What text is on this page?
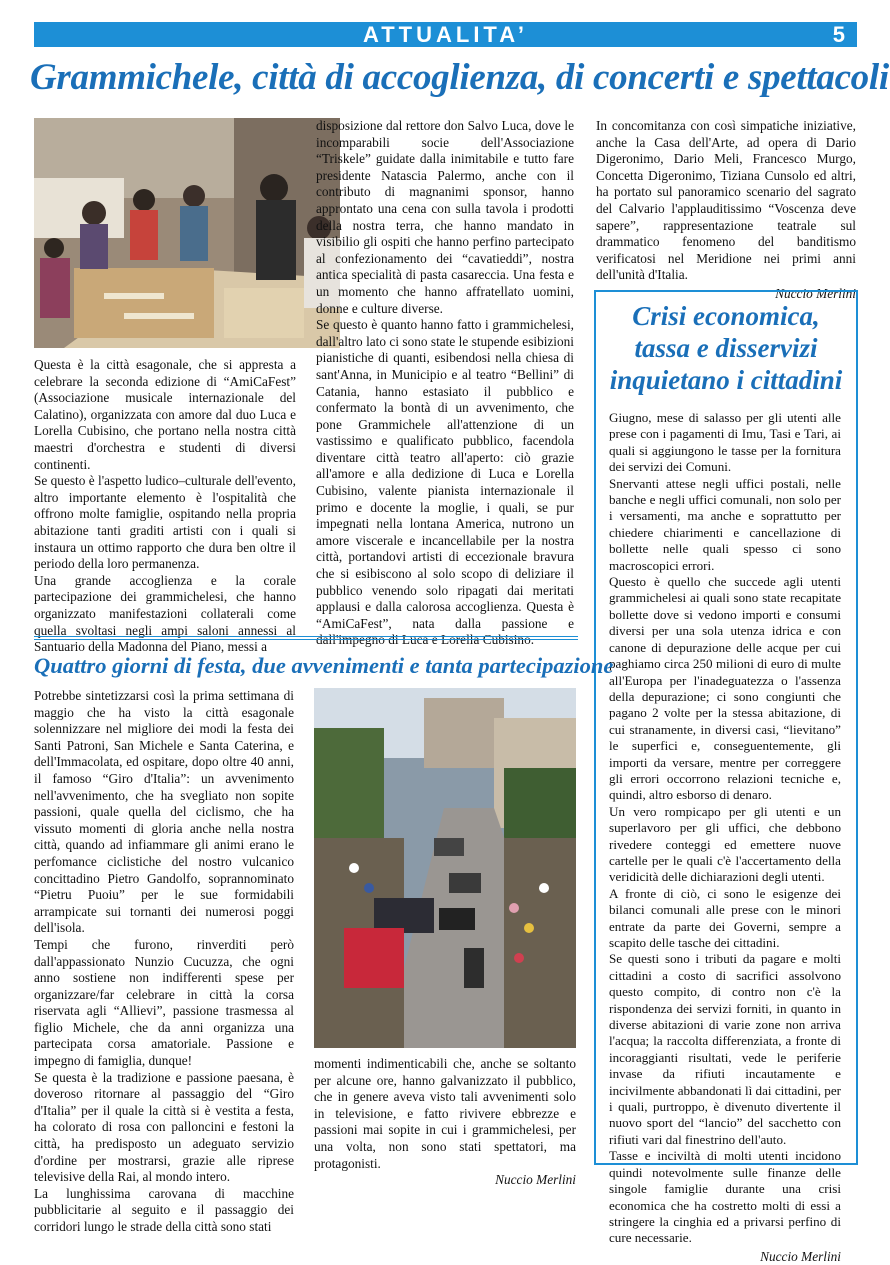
ATTUALITA’	5
Grammichele, città di accoglienza, di concerti e spettacoli

Questa è la città esagonale, che si appresta a celebrare la seconda edizione di “AmiCaFest” (Associazione musicale internazionale del Calatino), organizzata con amore dal duo Luca e Lorella Cubisino, che portano nella nostra città maestri d'orchestra e studenti di diversi continenti.

Se questo è l'aspetto ludico–culturale dell'evento, altro importante elemento è l'ospitalità che offrono molte famiglie, ospitando nella propria abitazione tanti graditi artisti con i quali si instaura un ottimo rapporto che dura ben oltre il periodo della loro permanenza.

Una grande accoglienza e la corale partecipazione dei grammichelesi, che hanno organizzato manifestazioni collaterali come quella svoltasi negli ampi saloni annessi al Santuario della Madonna del Piano, messi a

disposizione dal rettore don Salvo Luca, dove le incomparabili socie dell'Associazione “Triskele” guidate dalla inimitabile e tutto fare presidente Natascia Palermo, anche con il contributo di magnanimi sponsor, hanno approntato una cena con sulla tavola i prodotti della nostra terra, che hanno mandato in visibilio gli ospiti che hanno perfino partecipato al confezionamento dei “cavatieddi”, nostra antica specialità di pasta casareccia. Una festa e un momento che hanno affratellato uomini, donne e culture diverse.

Se questo è quanto hanno fatto i grammichelesi, dall'altro lato ci sono state le stupende esibizioni pianistiche di quanti, esibendosi nella chiesa di sant'Anna, in Municipio e al teatro “Bellini” di Catania, hanno estasiato il pubblico e confermato la bontà di un avvenimento, che pone Grammichele all'attenzione di un vastissimo e qualificato pubblico, facendola diventare città teatro all'aperto: ciò grazie all'amore e alla dedizione di Luca e Lorella Cubisino, valente pianista internazionale il primo e docente la moglie, i quali, se pur impegnati nella lontana America, nutrono un amore viscerale e incancellabile per la nostra città, portandovi artisti di eccezionale bravura che si esibiscono al solo scopo di deliziare il pubblico venendo solo ripagati dai meritati applausi e dalla calorosa accoglienza. Questa è “AmiCaFest”, nata dalla passione e dall'impegno di Luca e Lorella Cubisino.

In concomitanza con così simpatiche iniziative, anche la Casa dell'Arte, ad opera di Dario Digeronimo, Dario Meli, Francesco Murgo, Concetta Digeronimo, Tiziana Cunsolo ed altri, ha portato sul panoramico scenario del sagrato del Calvario l'applauditissimo “Voscenza deve sapere”, rappresentazione teatrale sul drammatico fenomeno del banditismo verificatosi nel Meridione nei primi anni dell'unità d'Italia.

Nuccio Merlini
Crisi economica,
tassa e disservizi
inquietano i cittadini

Giugno, mese di salasso per gli utenti alle prese con i pagamenti di Imu, Tasi e Tari, ai quali si aggiungono le tasse per la fornitura dei servizi dei Comuni.

Snervanti attese negli uffici postali, nelle banche e negli uffici comunali, non solo per i versamenti, ma anche e soprattutto per chiedere chiarimenti e cancellazione di bollette nelle quali spesso ci sono macroscopici errori.

Questo è quello che succede agli utenti grammichelesi ai quali sono state recapitate bollette dove si vedono importi e consumi diversi per una sola utenza idrica e con canone di depurazione delle acque per cui paghiamo circa 250 milioni di euro di multe all'Europa per l'inadeguatezza o l'assenza della depurazione; ci sono congiunti che pagano 2 volte per la stessa abitazione, di cui stranamente, in diversi casi, “lievitano” le superfici e, conseguentemente, gli importi da versare, mentre per correggere gli errori occorrono relazioni tecniche e, quindi, altro esborso di denaro.

Un vero rompicapo per gli utenti e un superlavoro per gli uffici, che debbono rivedere conteggi ed emettere nuove cartelle per le quali c'è l'accertamento della veridicità delle dichiarazioni degli utenti.

A fronte di ciò, ci sono le esigenze dei bilanci comunali alle prese con le minori entrate da parte dei Governi, sempre a scapito delle tasche dei cittadini.

Se questi sono i tributi da pagare e molti cittadini a costo di sacrifici assolvono questo compito, di contro non c'è la rispondenza dei servizi forniti, in quanto in diverse abitazioni di varie zone non arriva l'acqua; la raccolta differenziata, a fronte di incoraggianti risultati, vede le periferie invase da rifiuti incautamente e incivilmente abbandonati lì dai cittadini, per i quali, purtroppo, è divenuto divertente il nuovo sport del “lancio” del sacchetto con rifiuti vari dal finestrino dell'auto.

Tasse e inciviltà di molti utenti incidono quindi notevolmente sulle finanze delle singole famiglie durante una crisi economica che ha costretto molti di essi a stringere la cinghia ed a privarsi perfino di cure necessarie.

Nuccio Merlini
Quattro giorni di festa, due avvenimenti e tanta partecipazione

Potrebbe sintetizzarsi così la prima settimana di maggio che ha visto la città esagonale solennizzare nel migliore dei modi la festa dei Santi Patroni, San Michele e Santa Caterina, e dell'Immacolata, ed ospitare, dopo oltre 40 anni, il famoso “Giro d'Italia”: un avvenimento nell'avvenimento, che ha svegliato non sopite passioni, quale quella del ciclismo, che ha vissuto momenti di gloria anche nella nostra città, quando ad infiammare gli animi erano le perfomance ciclistiche del nostro vulcanico concittadino Pietro Gandolfo, soprannominato “Pietru Puoiu” per le sue formidabili arrampicate sui tornanti dei numerosi poggi dell'isola.

Tempi che furono, rinverditi però dall'appassionato Nunzio Cucuzza, che ogni anno sostiene non indifferenti spese per organizzare/far celebrare in città la corsa riservata agli “Allievi”, passione trasmessa al figlio Michele, che da anni organizza una partecipata corsa amatoriale. Passione e impegno di famiglia, dunque!

Se questa è la tradizione e passione paesana, è doveroso ritornare al passaggio del “Giro d'Italia” per il quale la città si è vestita a festa, ha colorato di rosa con palloncini e festoni la città, ha predisposto un adeguato servizio d'ordine per mostrarsi, grazie alle riprese televisive della Rai, al mondo intero.

La lunghissima carovana di macchine pubblicitarie al seguito e il passaggio dei corridori lungo le strade della città sono stati

momenti indimenticabili che, anche se soltanto per alcune ore, hanno galvanizzato il pubblico, che in genere aveva visto tali avvenimenti solo in televisione, e fatto rivivere ebbrezze e passioni mai sopite in cui i grammichelesi, per una volta, non sono stati spettatori, ma protagonisti.

Nuccio Merlini
